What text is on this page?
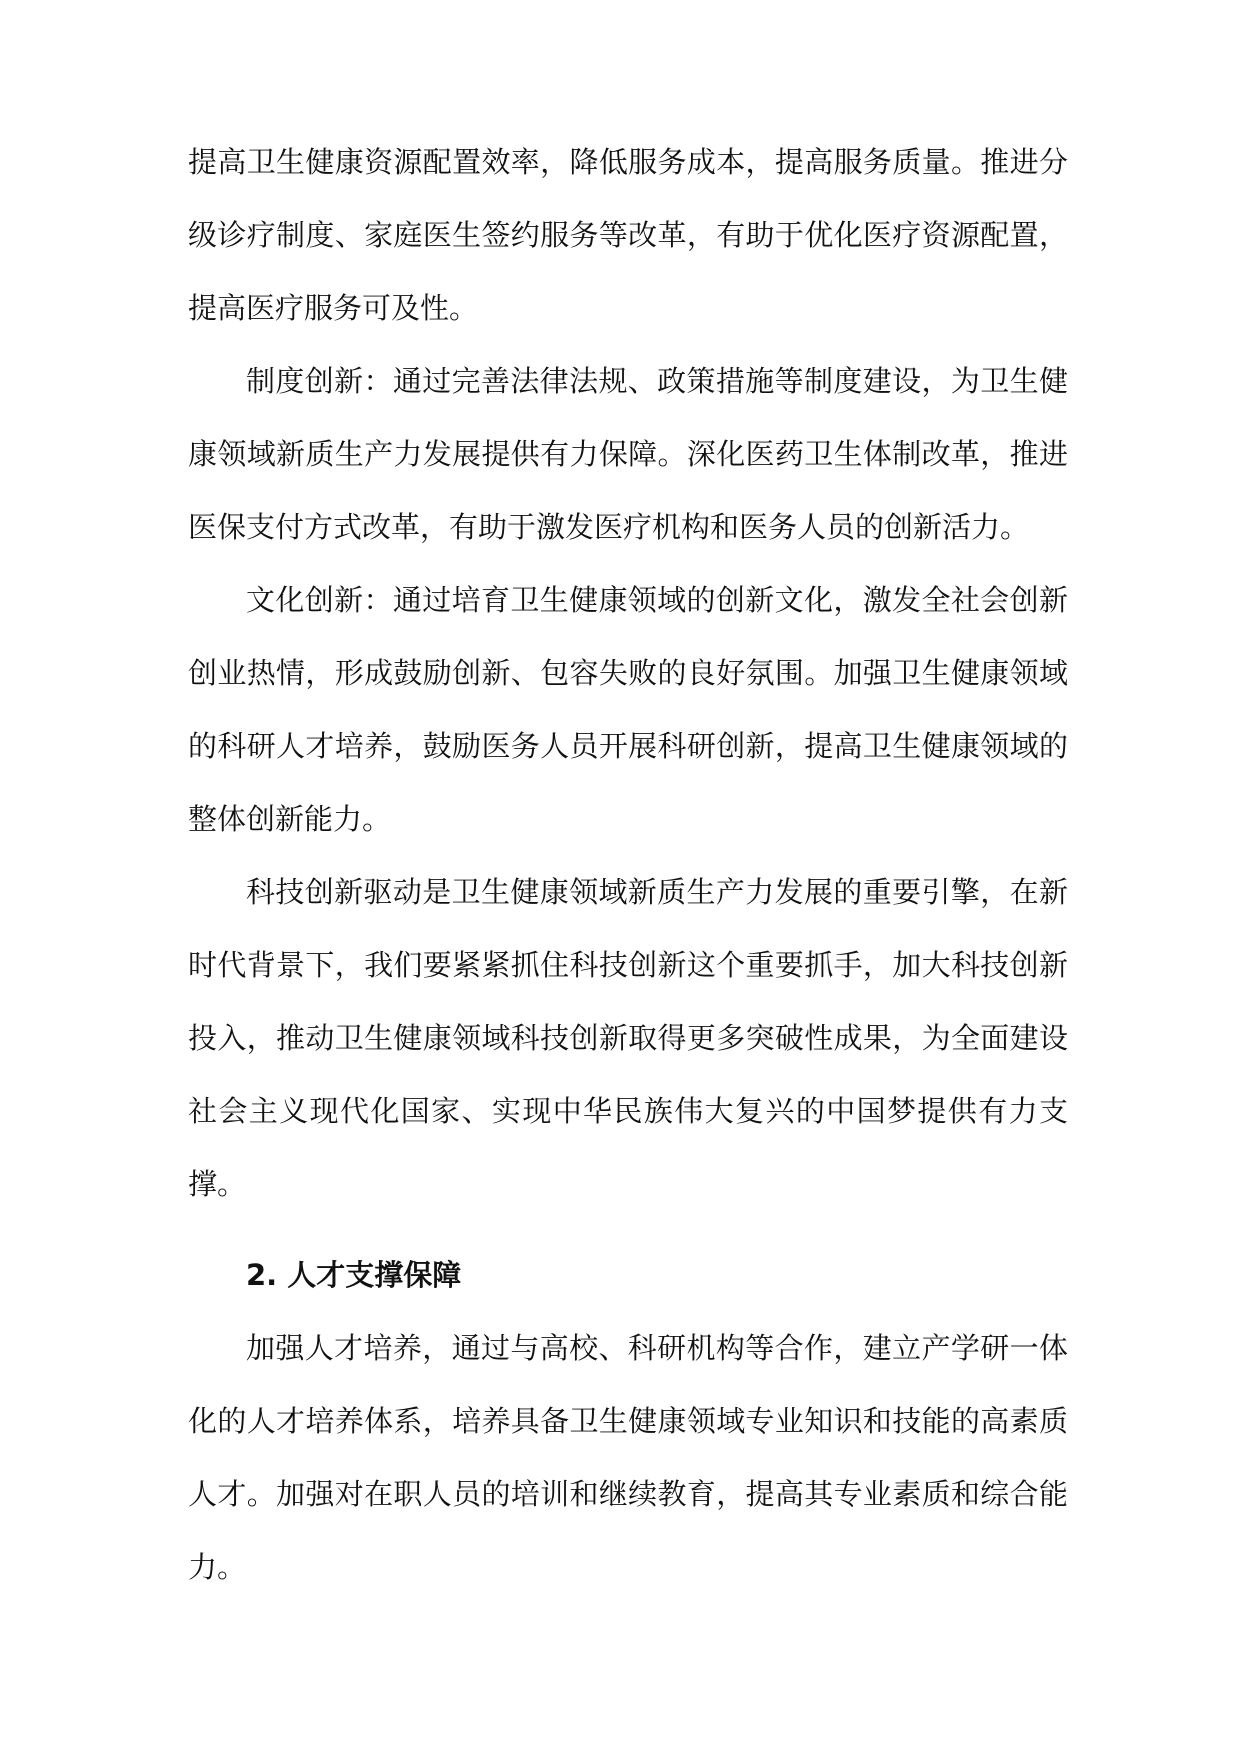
提高卫生健康资源配置效率，降低服务成本，提高服务质量。推进分级诊疗制度、家庭医生签约服务等改革，有助于优化医疗资源配置，提高医疗服务可及性。

制度创新：通过完善法律法规、政策措施等制度建设，为卫生健康领域新质生产力发展提供有力保障。深化医药卫生体制改革，推进医保支付方式改革，有助于激发医疗机构和医务人员的创新活力。

文化创新：通过培育卫生健康领域的创新文化，激发全社会创新创业热情，形成鼓励创新、包容失败的良好氛围。加强卫生健康领域的科研人才培养，鼓励医务人员开展科研创新，提高卫生健康领域的整体创新能力。

科技创新驱动是卫生健康领域新质生产力发展的重要引擎，在新时代背景下，我们要紧紧抓住科技创新这个重要抓手，加大科技创新投入，推动卫生健康领域科技创新取得更多突破性成果，为全面建设社会主义现代化国家、实现中华民族伟大复兴的中国梦提供有力支撑。

2. 人才支撑保障

加强人才培养，通过与高校、科研机构等合作，建立产学研一体化的人才培养体系，培养具备卫生健康领域专业知识和技能的高素质人才。加强对在职人员的培训和继续教育，提高其专业素质和综合能力。
